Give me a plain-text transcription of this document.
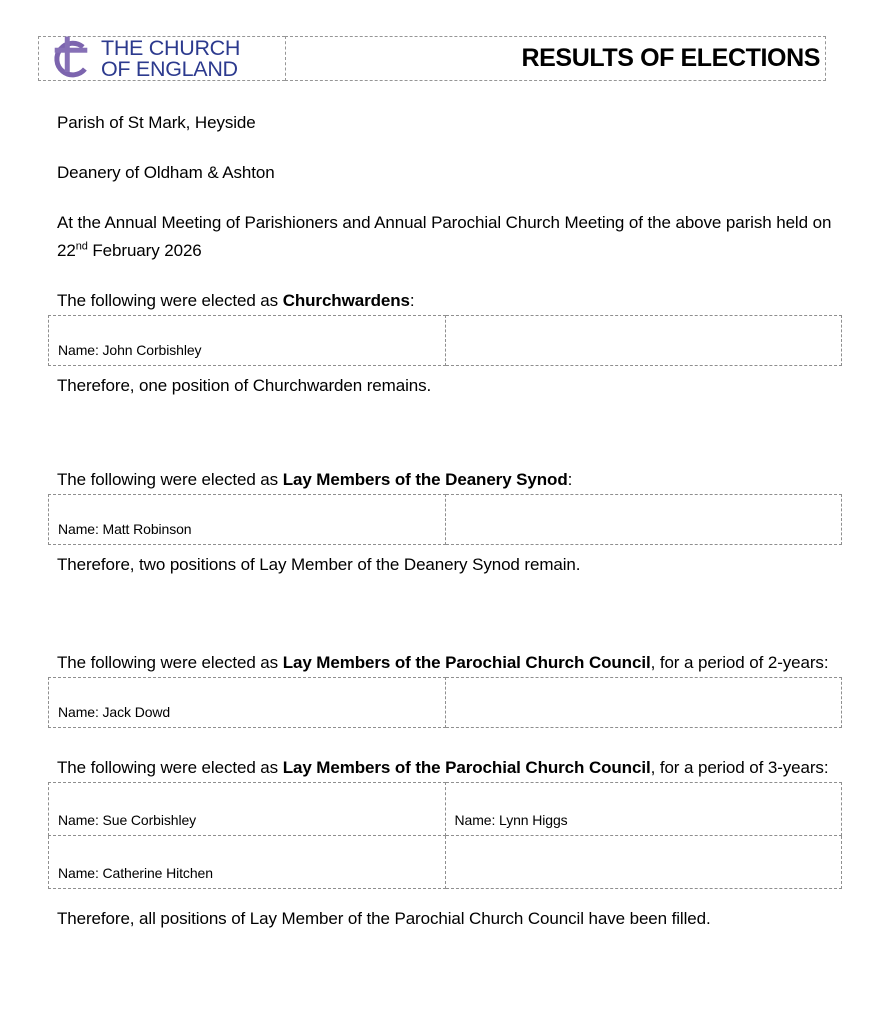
THE CHURCH
OF ENGLAND	RESULTS OF ELECTIONS

Parish of St Mark, Heyside

Deanery of Oldham & Ashton

At the Annual Meeting of Parishioners and Annual Parochial Church Meeting of the above parish held on 22nd February 2026

The following were elected as Churchwardens:

Name: John Corbishley	

Therefore, one position of Churchwarden remains.

The following were elected as Lay Members of the Deanery Synod:

Name: Matt Robinson	

Therefore, two positions of Lay Member of the Deanery Synod remain.

The following were elected as Lay Members of the Parochial Church Council, for a period of 2-years:

Name: Jack Dowd	

The following were elected as Lay Members of the Parochial Church Council, for a period of 3-years:

Name: Sue Corbishley	Name: Lynn Higgs
Name: Catherine Hitchen	

Therefore, all positions of Lay Member of the Parochial Church Council have been filled.
